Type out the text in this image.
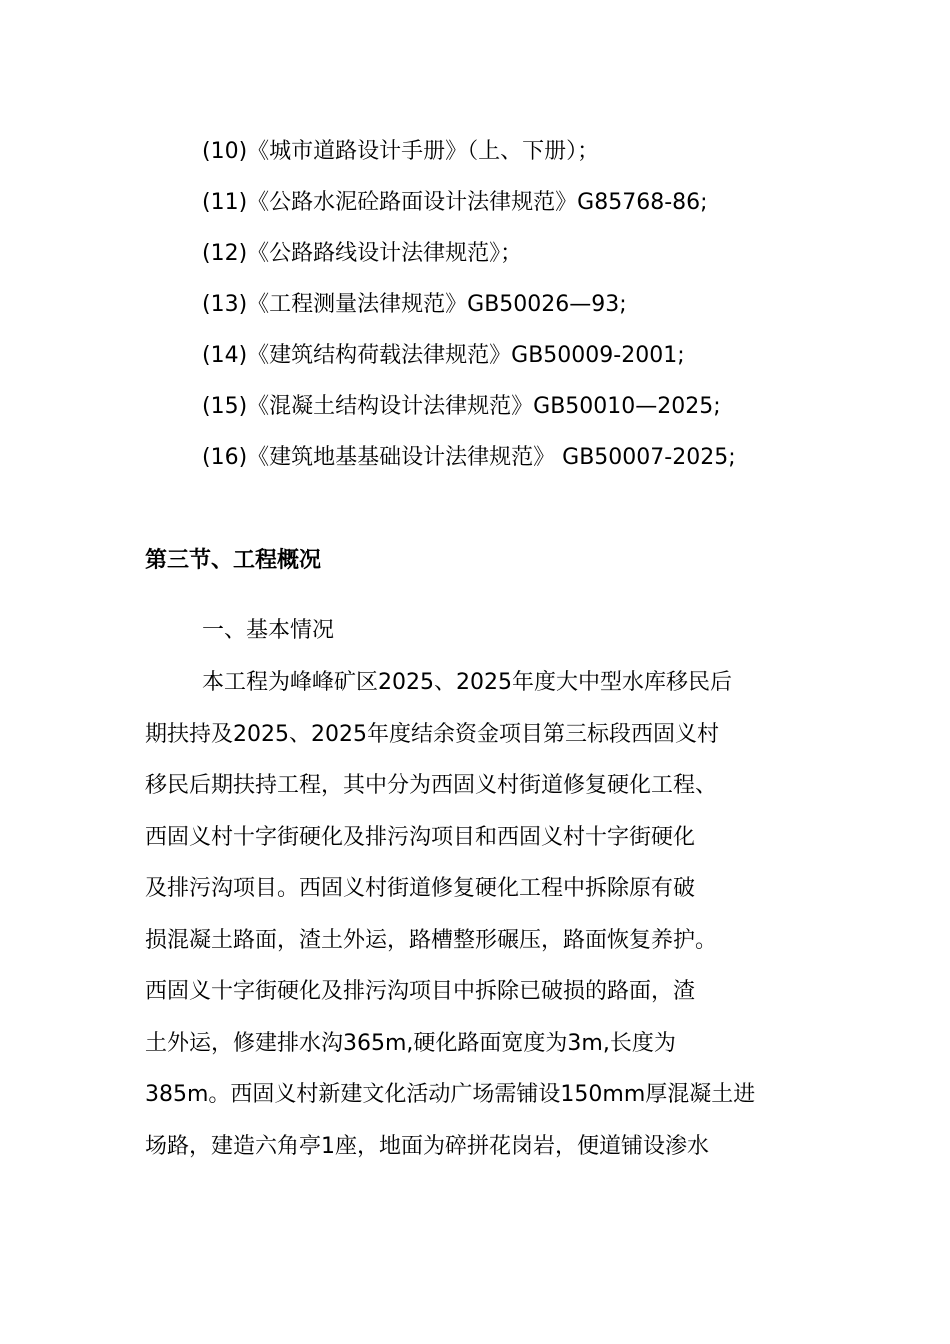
(10)《城市道路设计手册》（上、下册）；
(11)《公路水泥砼路面设计法律规范》G85768-86;
(12)《公路路线设计法律规范》；
(13)《工程测量法律规范》GB50026—93;
(14)《建筑结构荷载法律规范》GB50009-2001;
(15)《混凝土结构设计法律规范》GB50010—2025;
(16)《建筑地基基础设计法律规范》 GB50007-2025;
第三节、工程概况
一、基本情况
本工程为峰峰矿区2025、2025年度大中型水库移民后
期扶持及2025、2025年度结余资金项目第三标段西固义村
移民后期扶持工程，其中分为西固义村街道修复硬化工程、
西固义村十字街硬化及排污沟项目和西固义村十字街硬化
及排污沟项目。西固义村街道修复硬化工程中拆除原有破
损混凝土路面，渣土外运，路槽整形碾压，路面恢复养护。
西固义十字街硬化及排污沟项目中拆除已破损的路面，渣
土外运，修建排水沟365m,硬化路面宽度为3m,长度为
385m。西固义村新建文化活动广场需铺设150mm厚混凝土进
场路，建造六角亭1座，地面为碎拼花岗岩，便道铺设渗水
